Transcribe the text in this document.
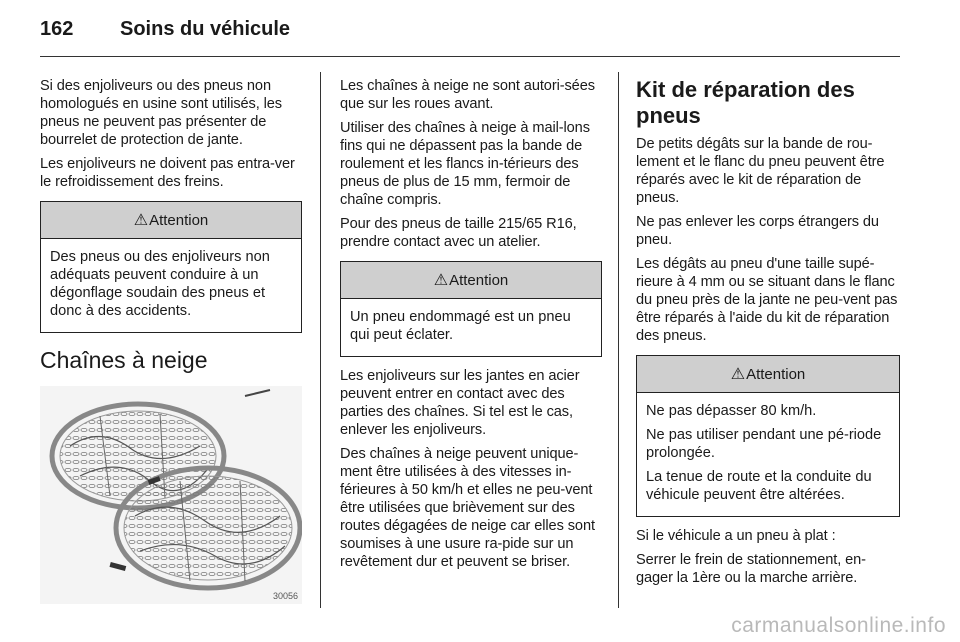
162	Soins du véhicule

Si des enjoliveurs ou des pneus non homologués en usine sont utilisés, les pneus ne peuvent pas présenter de bourrelet de protection de jante.

Les enjoliveurs ne doivent pas entra-ver le refroidissement des freins.

⚠ Attention

Des pneus ou des enjoliveurs non adéquats peuvent conduire à un dégonflage soudain des pneus et donc à des accidents.

Chaînes à neige
30056

Les chaînes à neige ne sont autori-sées que sur les roues avant.

Utiliser des chaînes à neige à mail-lons fins qui ne dépassent pas la bande de roulement et les flancs in-térieurs des pneus de plus de 15 mm, fermoir de chaîne compris.

Pour des pneus de taille 215/65 R16, prendre contact avec un atelier.

⚠ Attention

Un pneu endommagé est un pneu qui peut éclater.

Les enjoliveurs sur les jantes en acier peuvent entrer en contact avec des parties des chaînes. Si tel est le cas, enlever les enjoliveurs.

Des chaînes à neige peuvent unique-ment être utilisées à des vitesses in-férieures à 50 km/h et elles ne peu-vent être utilisées que brièvement sur des routes dégagées de neige car elles sont soumises à une usure ra-pide sur un revêtement dur et peuvent se briser.

Kit de réparation des pneus

De petits dégâts sur la bande de rou-lement et le flanc du pneu peuvent être réparés avec le kit de réparation de pneus.

Ne pas enlever les corps étrangers du pneu.

Les dégâts au pneu d'une taille supé-rieure à 4 mm ou se situant dans le flanc du pneu près de la jante ne peu-vent pas être réparés à l'aide du kit de réparation des pneus.

⚠ Attention

Ne pas dépasser 80 km/h.

Ne pas utiliser pendant une pé-riode prolongée.

La tenue de route et la conduite du véhicule peuvent être altérées.

Si le véhicule a un pneu à plat :

Serrer le frein de stationnement, en-gager la 1ère ou la marche arrière.

carmanualsonline.info
